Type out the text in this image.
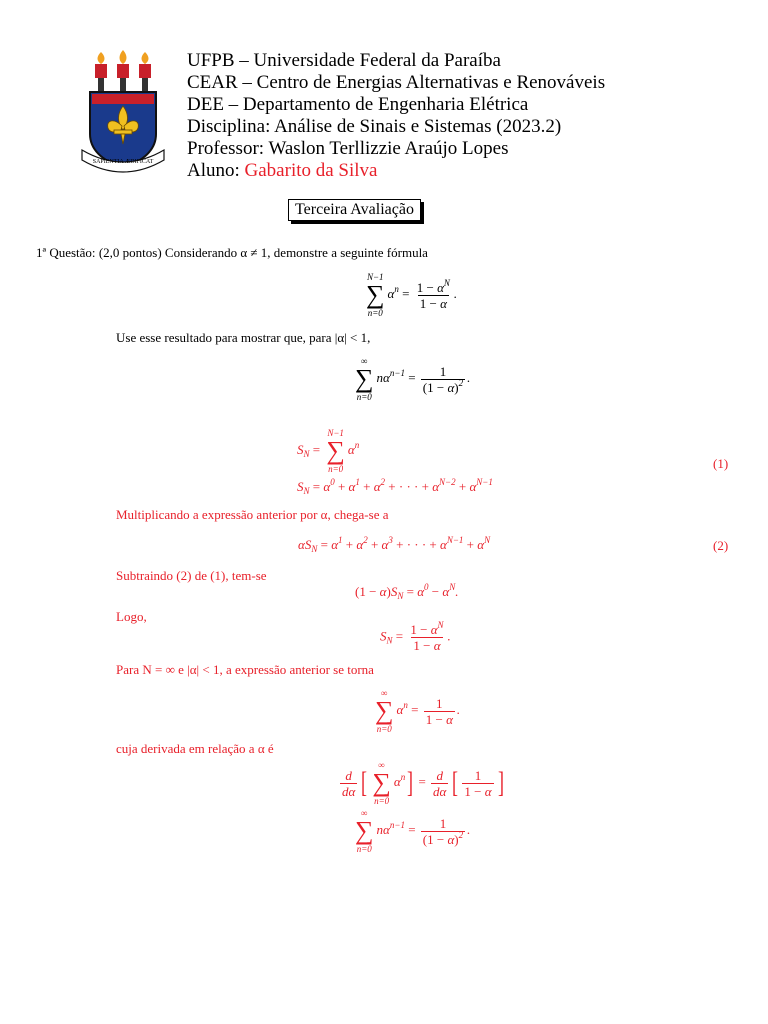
SAPIENTIA ÆDIFICAT
UFPB – Universidade Federal da Paraíba
CEAR – Centro de Energias Alternativas e Renováveis
DEE – Departamento de Engenharia Elétrica
Disciplina: Análise de Sinais e Sistemas (2023.2)
Professor: Waslon Terllizzie Araújo Lopes
Aluno: Gabarito da Silva
Terceira Avaliação
1ª Questão: (2,0 pontos) Considerando α ≠ 1, demonstre a seguinte fórmula
N−1
∑
n=0
$\alpha^n = \frac{1 - \alpha^N}{1 - \alpha}$ .
Use esse resultado para mostrar que, para |α| < 1,
∞
∑
n=0
$n\alpha^{n-1} = \frac{1}{(1 - \alpha)^2}$ .
$S_N$ =
N−1
∑
n=0
$\alpha^n$
$S_N = \alpha^0 + \alpha^1 + \alpha^2$ + · · · + $\alpha^{N-2} + \alpha^{N-1}$
(1)
Multiplicando a expressão anterior por α, chega-se a
$\alpha S_N = \alpha^1 + \alpha^2 + \alpha^3$ + · · · + $\alpha^{N-1} + \alpha^N$	(2)
Subtraindo (2) de (1), tem-se
$(1 - \alpha)S_N = \alpha^0 - \alpha^N$.
Logo,
$S_N = \frac{1 - \alpha^N}{1 - \alpha}$ .
Para N = ∞ e |α| < 1, a expressão anterior se torna
∞
∑
n=0
$\alpha^n = \frac{1}{1 - \alpha}$ .
cuja derivada em relação a α é
$\frac{d}{d\alpha}$ [
∞
∑
n=0
$\alpha^n] = \frac{d}{d\alpha}$ [ $\frac{1}{1 - \alpha}$ ]
∞
∑
n=0
$n\alpha^{n-1} = \frac{1}{(1 - \alpha)^2}$ .
